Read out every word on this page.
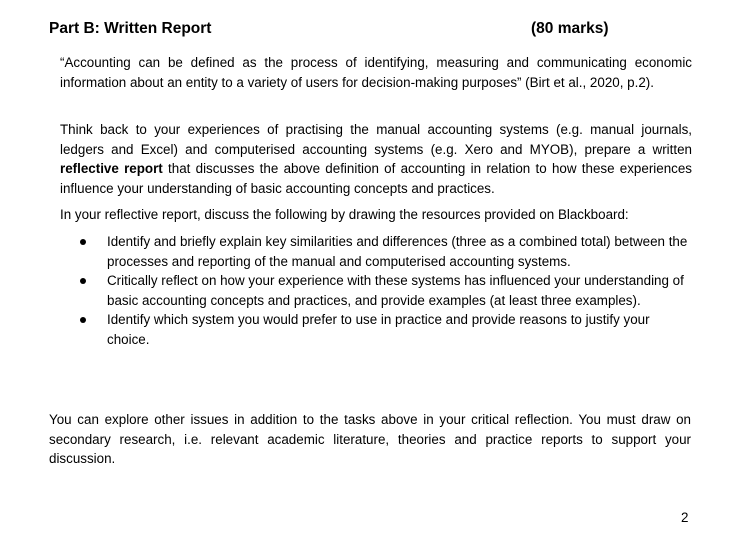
Part B: Written Report	(80 marks)
“Accounting can be defined as the process of identifying, measuring and communicating economic information about an entity to a variety of users for decision-making purposes” (Birt et al., 2020, p.2).
Think back to your experiences of practising the manual accounting systems (e.g. manual journals, ledgers and Excel) and computerised accounting systems (e.g. Xero and MYOB), prepare a written reflective report that discusses the above definition of accounting in relation to how these experiences influence your understanding of basic accounting concepts and practices.
In your reflective report, discuss the following by drawing the resources provided on Blackboard:
Identify and briefly explain key similarities and differences (three as a combined total) between the processes and reporting of the manual and computerised accounting systems.
Critically reflect on how your experience with these systems has influenced your understanding of basic accounting concepts and practices, and provide examples (at least three examples).
Identify which system you would prefer to use in practice and provide reasons to justify your choice.
You can explore other issues in addition to the tasks above in your critical reflection. You must draw on secondary research, i.e. relevant academic literature, theories and practice reports to support your discussion.
2
